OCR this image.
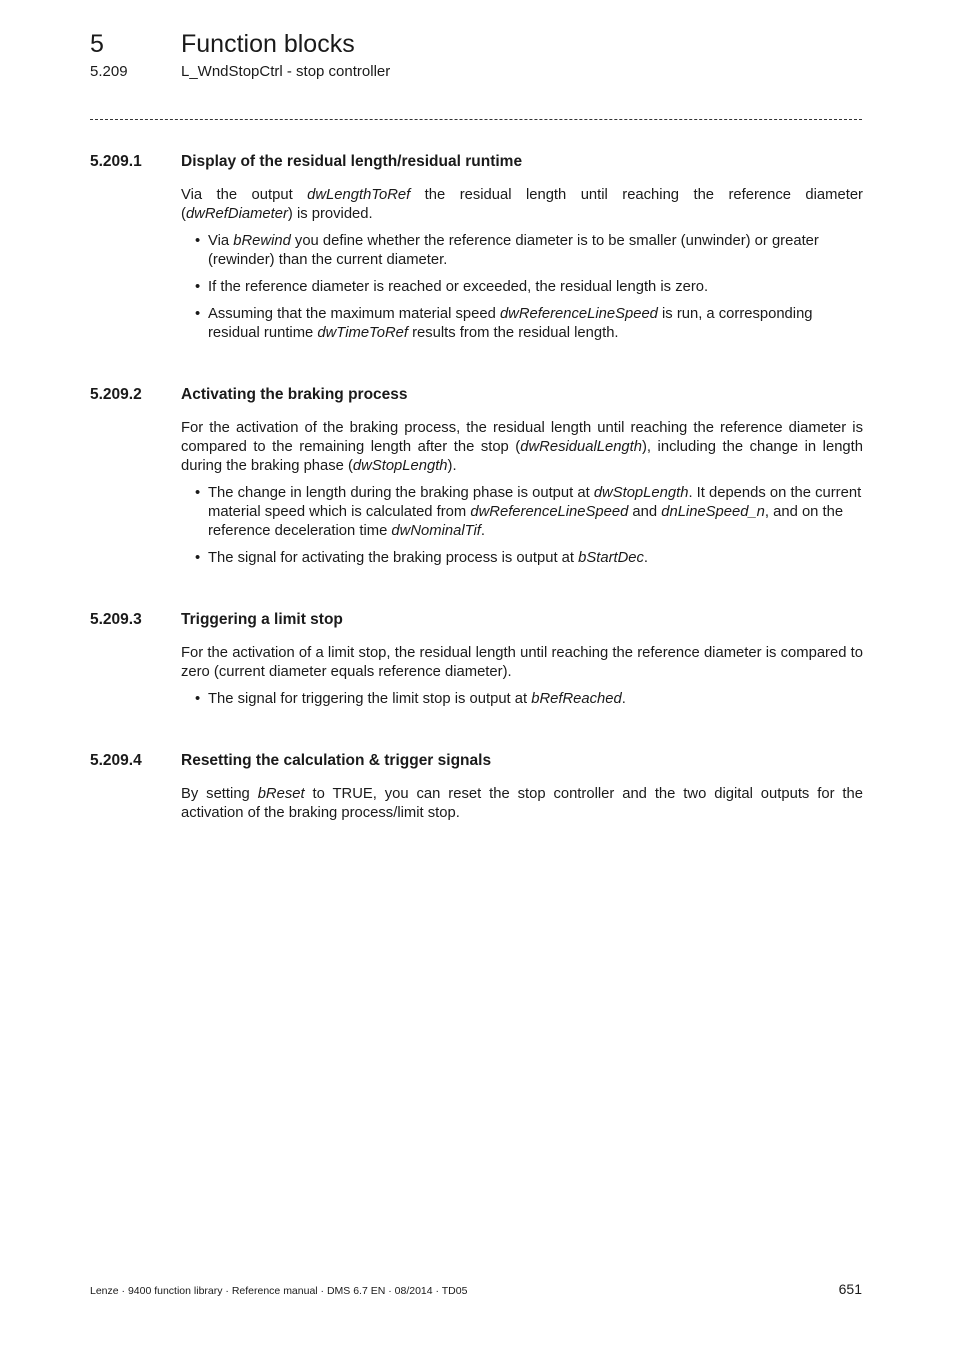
5	Function blocks
5.209	L_WndStopCtrl - stop controller
5.209.1	Display of the residual length/residual runtime

Via the output dwLengthToRef the residual length until reaching the reference diameter (dwRefDiameter) is provided.

• Via bRewind you define whether the reference diameter is to be smaller (unwinder) or greater (rewinder) than the current diameter.
• If the reference diameter is reached or exceeded, the residual length is zero.
• Assuming that the maximum material speed dwReferenceLineSpeed is run, a corresponding residual runtime dwTimeToRef results from the residual length.
5.209.2	Activating the braking process

For the activation of the braking process, the residual length until reaching the reference diameter is compared to the remaining length after the stop (dwResidualLength), including the change in length during the braking phase (dwStopLength).

• The change in length during the braking phase is output at dwStopLength. It depends on the current material speed which is calculated from dwReferenceLineSpeed and dnLineSpeed_n, and on the reference deceleration time dwNominalTif.
• The signal for activating the braking process is output at bStartDec.
5.209.3	Triggering a limit stop

For the activation of a limit stop, the residual length until reaching the reference diameter is compared to zero (current diameter equals reference diameter).

• The signal for triggering the limit stop is output at bRefReached.
5.209.4	Resetting the calculation & trigger signals

By setting bReset to TRUE, you can reset the stop controller and the two digital outputs for the activation of the braking process/limit stop.

Lenze · 9400 function library · Reference manual · DMS 6.7 EN · 08/2014 · TD05	651
